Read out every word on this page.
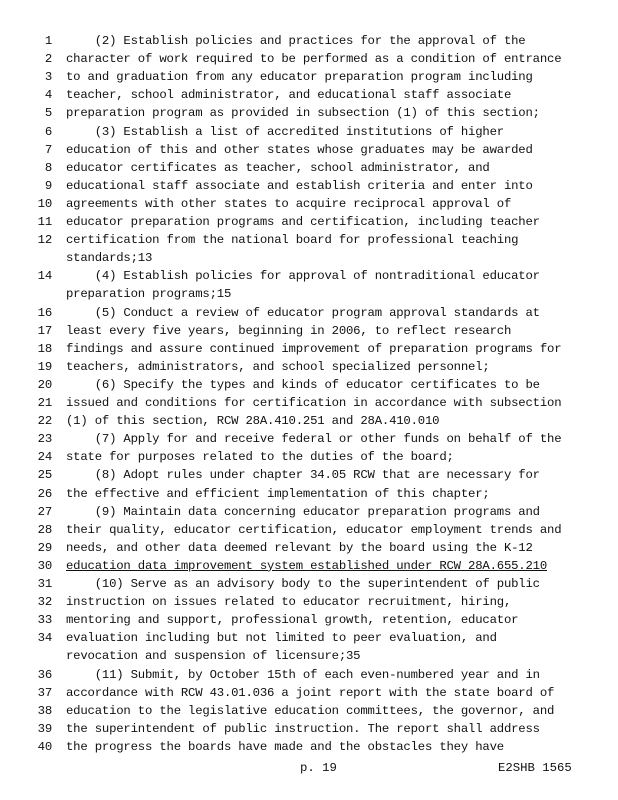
1 (2) Establish policies and practices for the approval of the
2 character of work required to be performed as a condition of entrance
3 to and graduation from any educator preparation program including
4 teacher, school administrator, and educational staff associate
5 preparation program as provided in subsection (1) of this section;
6 (3) Establish a list of accredited institutions of higher
7 education of this and other states whose graduates may be awarded
8 educator certificates as teacher, school administrator, and
9 educational staff associate and establish criteria and enter into
10 agreements with other states to acquire reciprocal approval of
11 educator preparation programs and certification, including teacher
12 certification from the national board for professional teaching
standards;13
14 (4) Establish policies for approval of nontraditional educator
preparation programs;15
16 (5) Conduct a review of educator program approval standards at
17 least every five years, beginning in 2006, to reflect research
18 findings and assure continued improvement of preparation programs for
19 teachers, administrators, and school specialized personnel;
20 (6) Specify the types and kinds of educator certificates to be
21 issued and conditions for certification in accordance with subsection
22 (1) of this section, RCW 28A.410.251 and 28A.410.010
23 (7) Apply for and receive federal or other funds on behalf of the
24 state for purposes related to the duties of the board;
25 (8) Adopt rules under chapter 34.05 RCW that are necessary for
26 the effective and efficient implementation of this chapter;
27 (9) Maintain data concerning educator preparation programs and
28 their quality, educator certification, educator employment trends and
29 needs, and other data deemed relevant by the board using the K-12
30 education data improvement system established under RCW 28A.655.210
31 (10) Serve as an advisory body to the superintendent of public
32 instruction on issues related to educator recruitment, hiring,
33 mentoring and support, professional growth, retention, educator
34 evaluation including but not limited to peer evaluation, and
revocation and suspension of licensure;35
36 (11) Submit, by October 15th of each even-numbered year and in
37 accordance with RCW 43.01.036 a joint report with the state board of
38 education to the legislative education committees, the governor, and
39 the superintendent of public instruction. The report shall address
40 the progress the boards have made and the obstacles they have
p. 19	E2SHB 1565
